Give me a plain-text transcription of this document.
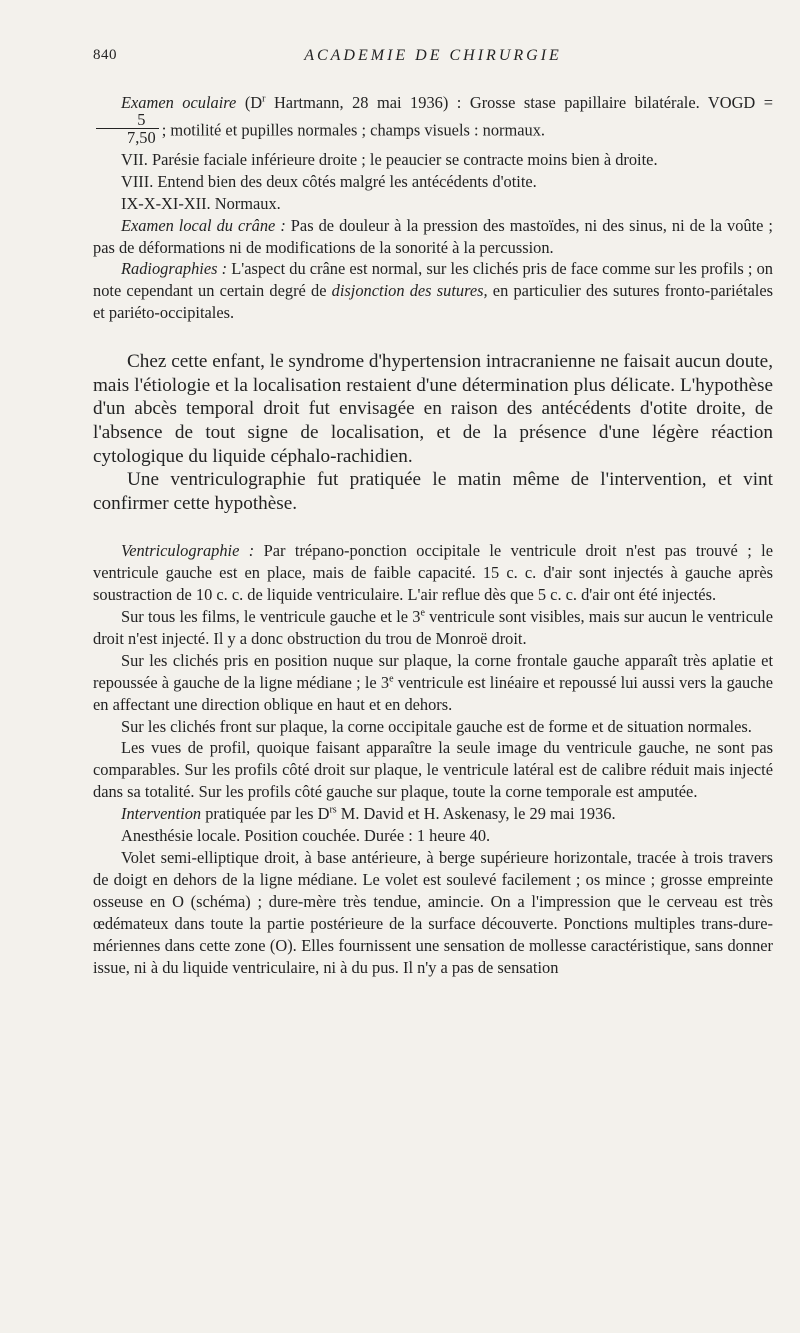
840	ACADEMIE DE CHIRURGIE

Examen oculaire ($D^r$ Hartmann, 28 mai 1936) : Grosse stase papillaire bilatérale. VOGD =
$\frac{5}{7,50}$ ; motilité et pupilles normales ; champs visuels : normaux.

VII. Parésie faciale inférieure droite ; le peaucier se contracte moins bien à droite.

VIII. Entend bien des deux côtés malgré les antécédents d'otite.

IX-X-XI-XII. Normaux.

Examen local du crâne : Pas de douleur à la pression des mastoïdes, ni des sinus, ni de la voûte ; pas de déformations ni de modifications de la sonorité à la percussion.

Radiographies : L'aspect du crâne est normal, sur les clichés pris de face comme sur les profils ; on note cependant un certain degré de disjonction des sutures, en particulier des sutures fronto-pariétales et pariéto-occipitales.

Chez cette enfant, le syndrome d'hypertension intracranienne ne faisait aucun doute, mais l'étiologie et la localisation restaient d'une détermination plus délicate. L'hypothèse d'un abcès temporal droit fut envisagée en raison des antécédents d'otite droite, de l'absence de tout signe de localisation, et de la présence d'une légère réaction cytologique du liquide céphalo-rachidien.

Une ventriculographie fut pratiquée le matin même de l'intervention, et vint confirmer cette hypothèse.

Ventriculographie : Par trépano-ponction occipitale le ventricule droit n'est pas trouvé ; le ventricule gauche est en place, mais de faible capacité. 15 c. c. d'air sont injectés à gauche après soustraction de 10 c. c. de liquide ventriculaire. L'air reflue dès que 5 c. c. d'air ont été injectés.

Sur tous les films, le ventricule gauche et le 3e ventricule sont visibles, mais sur aucun le ventricule droit n'est injecté. Il y a donc obstruction du trou de Monroë droit.

Sur les clichés pris en position nuque sur plaque, la corne frontale gauche apparaît très aplatie et repoussée à gauche de la ligne médiane ; le 3e ventricule est linéaire et repoussé lui aussi vers la gauche en affectant une direction oblique en haut et en dehors.

Sur les clichés front sur plaque, la corne occipitale gauche est de forme et de situation normales.

Les vues de profil, quoique faisant apparaître la seule image du ventricule gauche, ne sont pas comparables. Sur les profils côté droit sur plaque, le ventricule latéral est de calibre réduit mais injecté dans sa totalité. Sur les profils côté gauche sur plaque, toute la corne temporale est amputée.

Intervention pratiquée par les $D^{rs}$ M. David et H. Askenasy, le 29 mai 1936.

Anesthésie locale. Position couchée. Durée : 1 heure 40.

Volet semi-elliptique droit, à base antérieure, à berge supérieure horizontale, tracée à trois travers de doigt en dehors de la ligne médiane. Le volet est soulevé facilement ; os mince ; grosse empreinte osseuse en O (schéma) ; dure-mère très tendue, amincie. On a l'impression que le cerveau est très œdémateux dans toute la partie postérieure de la surface découverte. Ponctions multiples trans-dure-mériennes dans cette zone (O). Elles fournissent une sensation de mollesse caractéristique, sans donner issue, ni à du liquide ventriculaire, ni à du pus. Il n'y a pas de sensation
